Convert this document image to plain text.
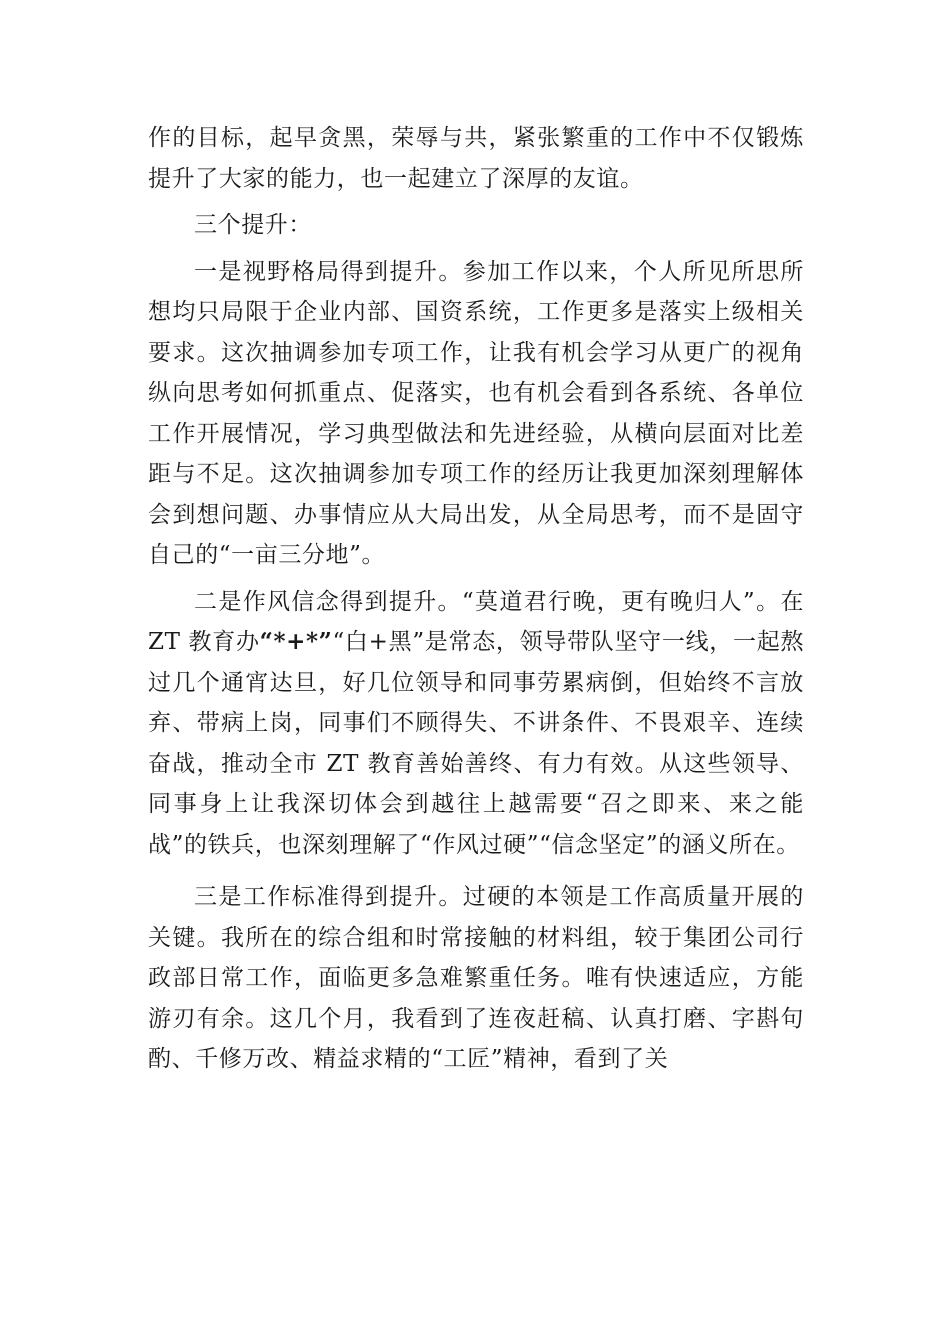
作的目标，起早贪黑，荣辱与共，紧张繁重的工作中不仅锻炼提升了大家的能力，也一起建立了深厚的友谊。

三个提升：

一是视野格局得到提升。参加工作以来，个人所见所思所想均只局限于企业内部、国资系统，工作更多是落实上级相关要求。这次抽调参加专项工作，让我有机会学习从更广的视角纵向思考如何抓重点、促落实，也有机会看到各系统、各单位工作开展情况，学习典型做法和先进经验，从横向层面对比差距与不足。这次抽调参加专项工作的经历让我更加深刻理解体会到想问题、办事情应从大局出发，从全局思考，而不是固守自己的“一亩三分地”。

二是作风信念得到提升。“莫道君行晚，更有晚归人”。在 ZT 教育办“*+*”“白+黑”是常态，领导带队坚守一线，一起熬过几个通宵达旦，好几位领导和同事劳累病倒，但始终不言放弃、带病上岗，同事们不顾得失、不讲条件、不畏艰辛、连续奋战，推动全市 ZT 教育善始善终、有力有效。从这些领导、同事身上让我深切体会到越往上越需要“召之即来、来之能战”的铁兵，也深刻理解了“作风过硬”“信念坚定”的涵义所在。

三是工作标准得到提升。过硬的本领是工作高质量开展的关键。我所在的综合组和时常接触的材料组，较于集团公司行政部日常工作，面临更多急难繁重任务。唯有快速适应，方能游刃有余。这几个月，我看到了连夜赶稿、认真打磨、字斟句酌、千修万改、精益求精的“工匠”精神，看到了关
